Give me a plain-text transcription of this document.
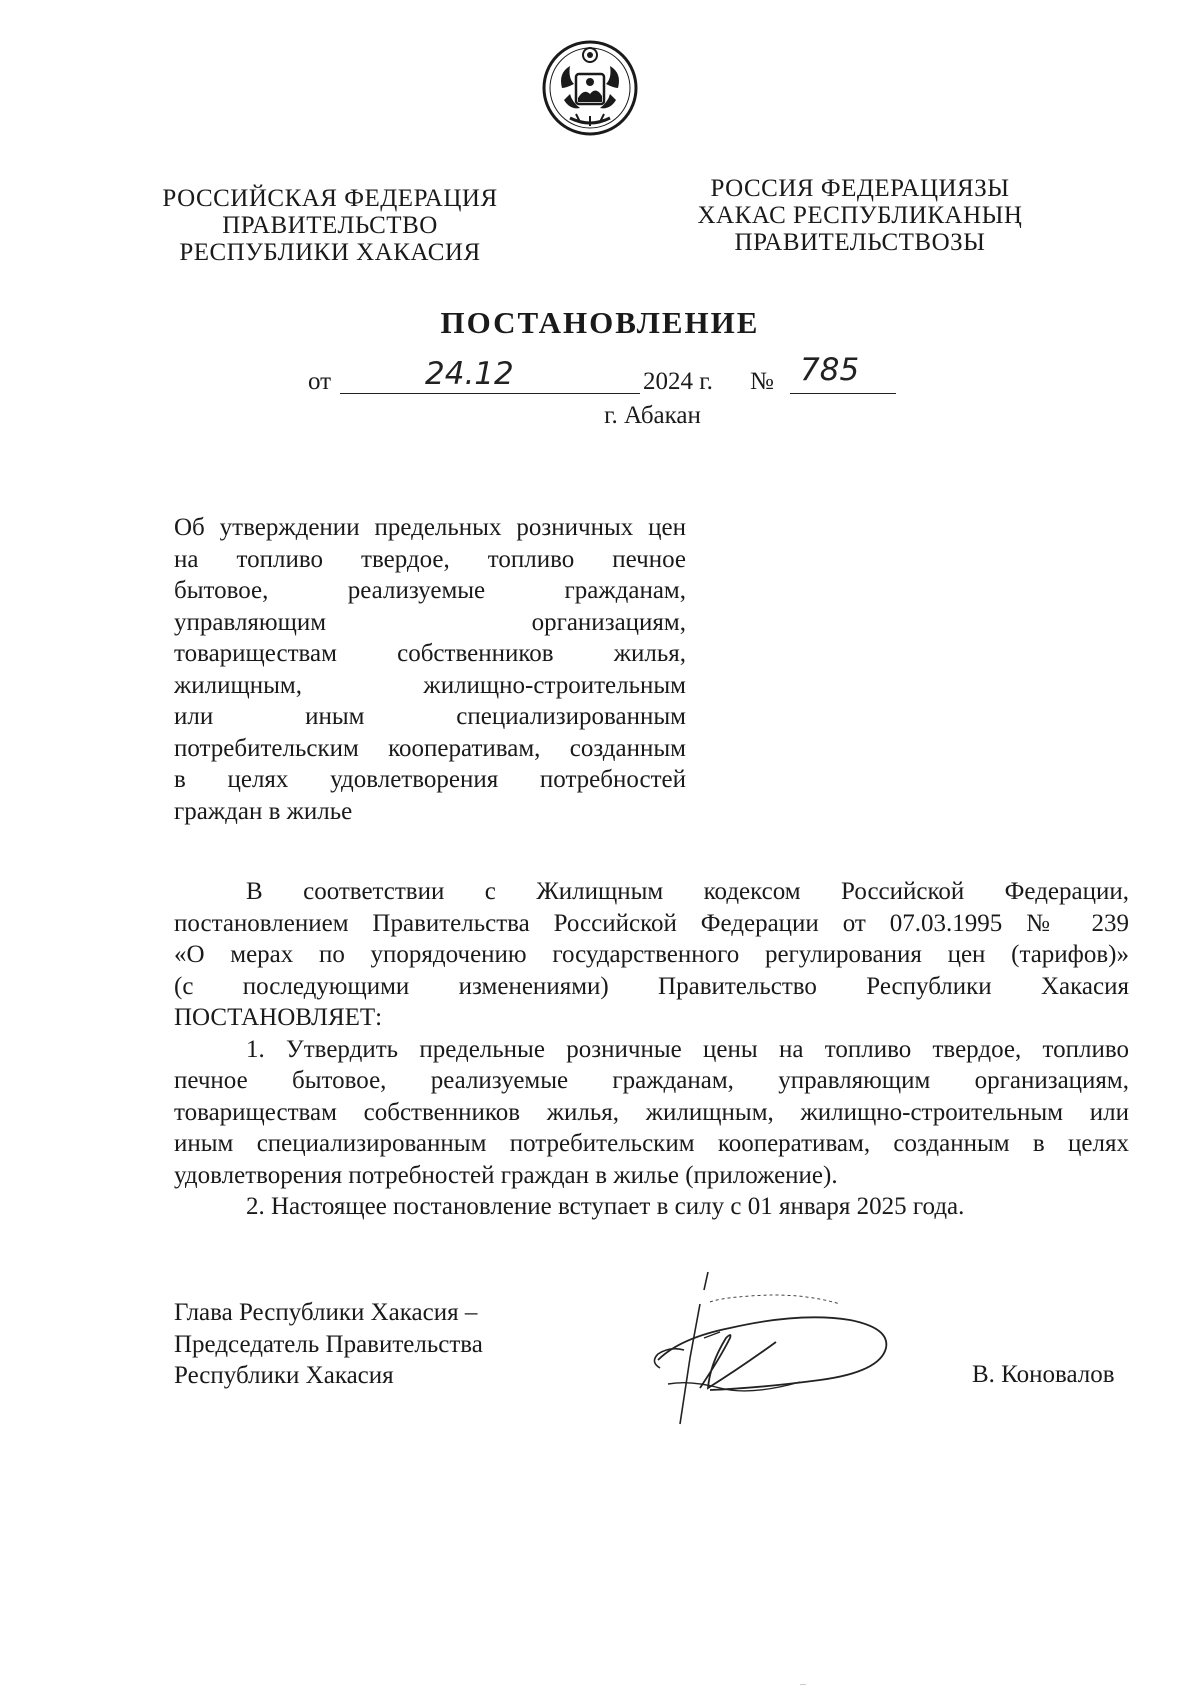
РОССИЙСКАЯ ФЕДЕРАЦИЯ
ПРАВИТЕЛЬСТВО
РЕСПУБЛИКИ ХАКАСИЯ
РОССИЯ ФЕДЕРАЦИЯЗЫ
ХАКАС РЕСПУБЛИКАНЫҢ
ПРАВИТЕЛЬСТВОЗЫ
ПОСТАНОВЛЕНИЕ
от	24.12	2024 г. № 785
г. Абакан
Об утверждении предельных розничных цен
на топливо твердое, топливо печное
бытовое, реализуемые гражданам,
управляющим организациям,
товариществам собственников жилья,
жилищным, жилищно-строительным
или иным специализированным
потребительским кооперативам, созданным
в целях удовлетворения потребностей
граждан в жилье
В соответствии с Жилищным кодексом Российской Федерации,
постановлением Правительства Российской Федерации от 07.03.1995 № 239
«О мерах по упорядочению государственного регулирования цен (тарифов)»
(с последующими изменениями) Правительство Республики Хакасия
ПОСТАНОВЛЯЕТ:
1. Утвердить предельные розничные цены на топливо твердое, топливо
печное бытовое, реализуемые гражданам, управляющим организациям,
товариществам собственников жилья, жилищным, жилищно-строительным или
иным специализированным потребительским кооперативам, созданным в целях
удовлетворения потребностей граждан в жилье (приложение).
2. Настоящее постановление вступает в силу с 01 января 2025 года.
Глава Республики Хакасия –
Председатель Правительства
Республики Хакасия	В. Коновалов
